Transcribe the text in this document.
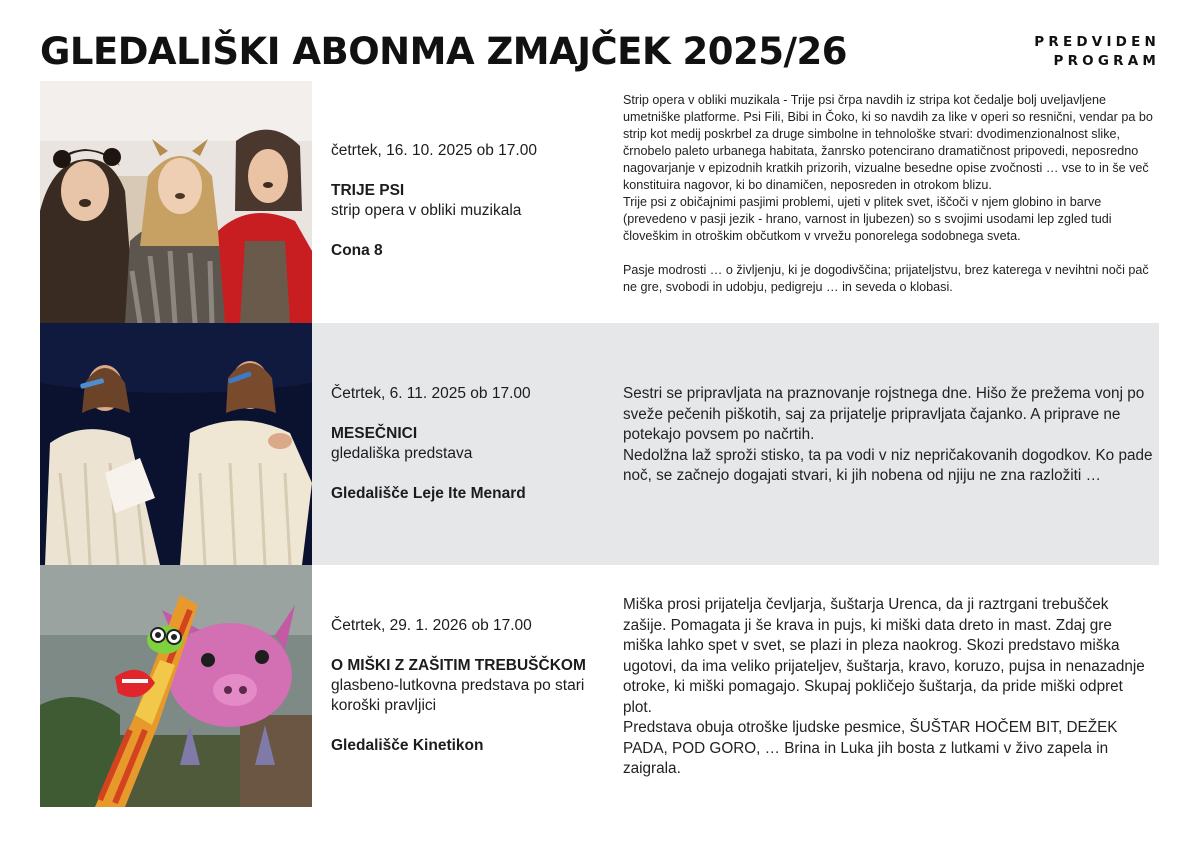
GLEDALIŠKI ABONMA ZMAJČEK 2025/26	PREDVIDEN
PROGRAM
četrtek, 16. 10. 2025 ob 17.00
TRIJE PSI
strip opera v obliki muzikala
Cona 8

Strip opera v obliki muzikala - Trije psi črpa navdih iz stripa kot čedalje bolj uveljavljene umetniške platforme. Psi Fili, Bibi in Čoko, ki so navdih za like v operi so resnični, vendar pa bo strip kot medij poskrbel za druge simbolne in tehnološke stvari: dvodimenzionalnost slike, črnobelo paleto urbanega habitata, žanrsko potencirano dramatičnost pripovedi, neposredno nagovarjanje v epizodnih kratkih prizorih, vizualne besedne opise zvočnosti … vse to in še več konstituira nagovor, ki bo dinamičen, neposreden in otrokom blizu.

Trije psi z običajnimi pasjimi problemi, ujeti v plitek svet, iščoči v njem globino in barve (prevedeno v pasji jezik - hrano, varnost in ljubezen) so s svojimi usodami lep zgled tudi človeškim in otroškim občutkom v vrvežu ponorelega sodobnega sveta.

Pasje modrosti … o življenju, ki je dogodivščina; prijateljstvu, brez katerega v nevihtni noči pač ne gre, svobodi in udobju, pedigreju … in seveda o klobasi.

Četrtek, 6. 11. 2025 ob 17.00
MESEČNICI
gledališka predstava
Gledališče Leje Ite Menard

Sestri se pripravljata na praznovanje rojstnega dne. Hišo že prežema vonj po sveže pečenih piškotih, saj za prijatelje pripravljata čajanko. A priprave ne potekajo povsem po načrtih.

Nedolžna laž sproži stisko, ta pa vodi v niz nepričakovanih dogodkov. Ko pade noč, se začnejo dogajati stvari, ki jih nobena od njiju ne zna razložiti …

Četrtek, 29. 1. 2026 ob 17.00
O MIŠKI Z ZAŠITIM TREBUŠČKOM
glasbeno-lutkovna predstava po stari koroški pravljici
Gledališče Kinetikon

Miška prosi prijatelja čevljarja, šuštarja Urenca, da ji raztrgani trebušček zašije. Pomagata ji še krava in pujs, ki miški data dreto in mast. Zdaj gre miška lahko spet v svet, se plazi in pleza naokrog. Skozi predstavo miška ugotovi, da ima veliko prijateljev, šuštarja, kravo, koruzo, pujsa in nenazadnje otroke, ki miški pomagajo. Skupaj pokličejo šuštarja, da pride miški odpret plot.

Predstava obuja otroške ljudske pesmice, ŠUŠTAR HOČEM BIT, DEŽEK PADA, POD GORO, … Brina in Luka jih bosta z lutkami v živo zapela in zaigrala.
